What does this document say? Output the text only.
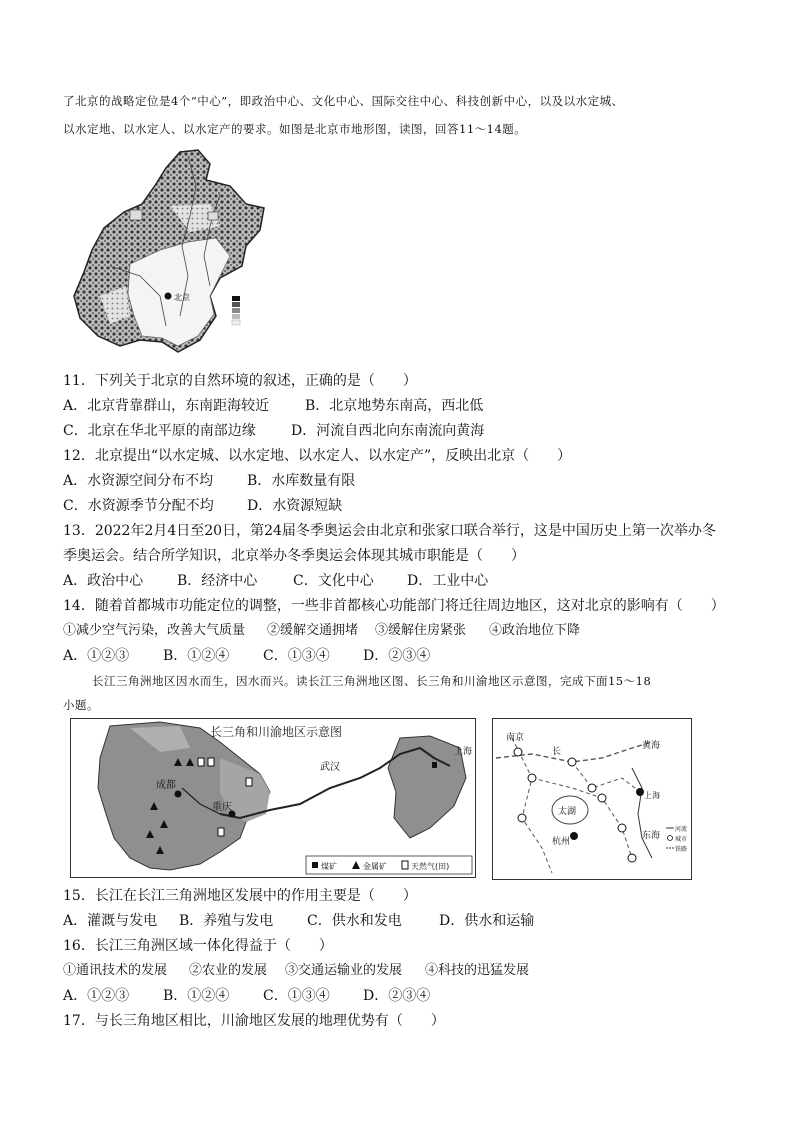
了北京的战略定位是4个“中心”，即政治中心、文化中心、国际交往中心、科技创新中心，以及以水定城、
以水定地、以水定人、以水定产的要求。如图是北京市地形图，读图，回答11～14题。
北京
11．下列关于北京的自然环境的叙述，正确的是（　　）
A．北京背靠群山，东南距海较近	B．北京地势东南高，西北低
C．北京在华北平原的南部边缘	D．河流自西北向东南流向黄海
12．北京提出“以水定城、以水定地、以水定人、以水定产”，反映出北京（　　）
A．水资源空间分布不均 B．水库数量有限
C．水资源季节分配不均 D．水资源短缺
13．2022年2月4日至20日，第24届冬季奥运会由北京和张家口联合举行，这是中国历史上第一次举办冬
季奥运会。结合所学知识，北京举办冬季奥运会体现其城市职能是（　　）
A．政治中心 B．经济中心	C．文化中心 D．工业中心
14．随着首都城市功能定位的调整，一些非首都核心功能部门将迁往周边地区，这对北京的影响有（　　）
①减少空气污染，改善大气质量 ②缓解交通拥堵 ③缓解住房紧张 ④政治地位下降
A．①②③ B．①②④ C．①③④ D．②③④
长江三角洲地区因水而生，因水而兴。读长江三角洲地区图、长三角和川渝地区示意图，完成下面15～18
小题。
长三角和川渝地区示意图
成都
重庆
武汉
上海
煤矿	金属矿	天然气(田)
南京
长
黄海
太湖
上海
杭州
东海
河流
城市
铁路
15．长江在长江三角洲地区发展中的作用主要是（　　）
A．灌溉与发电 B．养殖与发电 C．供水和发电	D．供水和运输
16．长江三角洲区域一体化得益于（　　）
①通讯技术的发展 ②农业的发展 ③交通运输业的发展 ④科技的迅猛发展
A．①②③ B．①②④ C．①③④ D．②③④
17．与长三角地区相比，川渝地区发展的地理优势有（　　）
